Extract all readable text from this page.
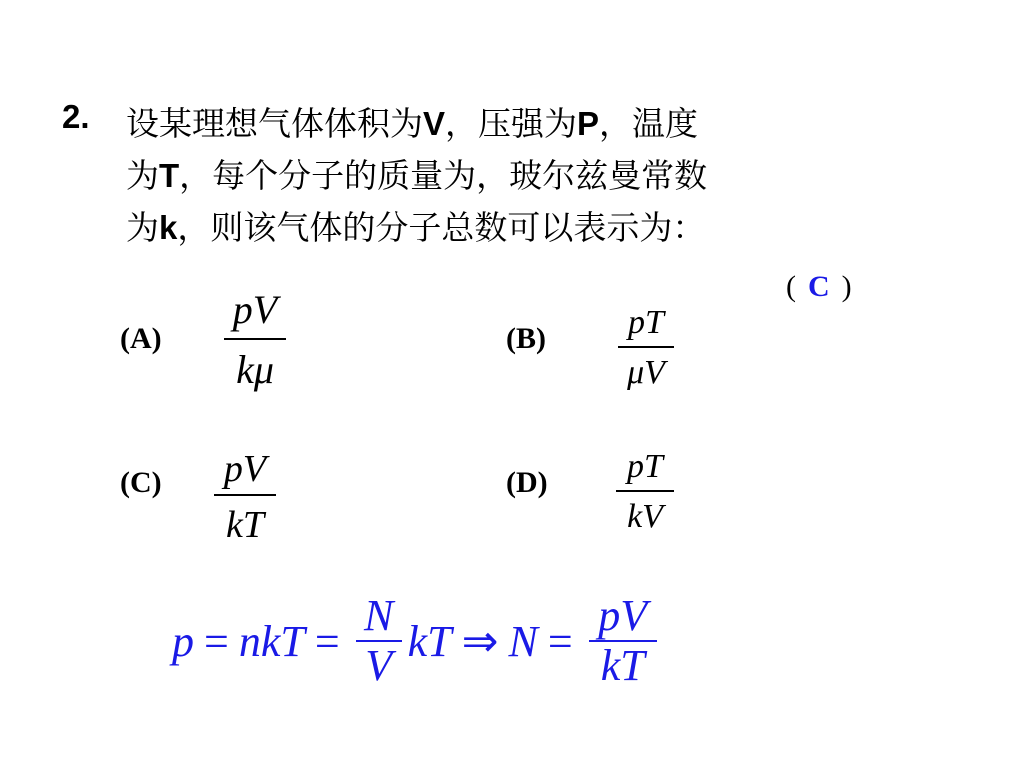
2. 设某理想气体体积为V，压强为P，温度
为T，每个分子的质量为，玻尔兹曼常数
为k，则该气体的分子总数可以表示为：
( C )
(A)
pV
kμ
(B) pT
μV
(C) pV
kT
(D) pT
kV
p = nkT =
N
V kT ⇒ N =
pV
kT
